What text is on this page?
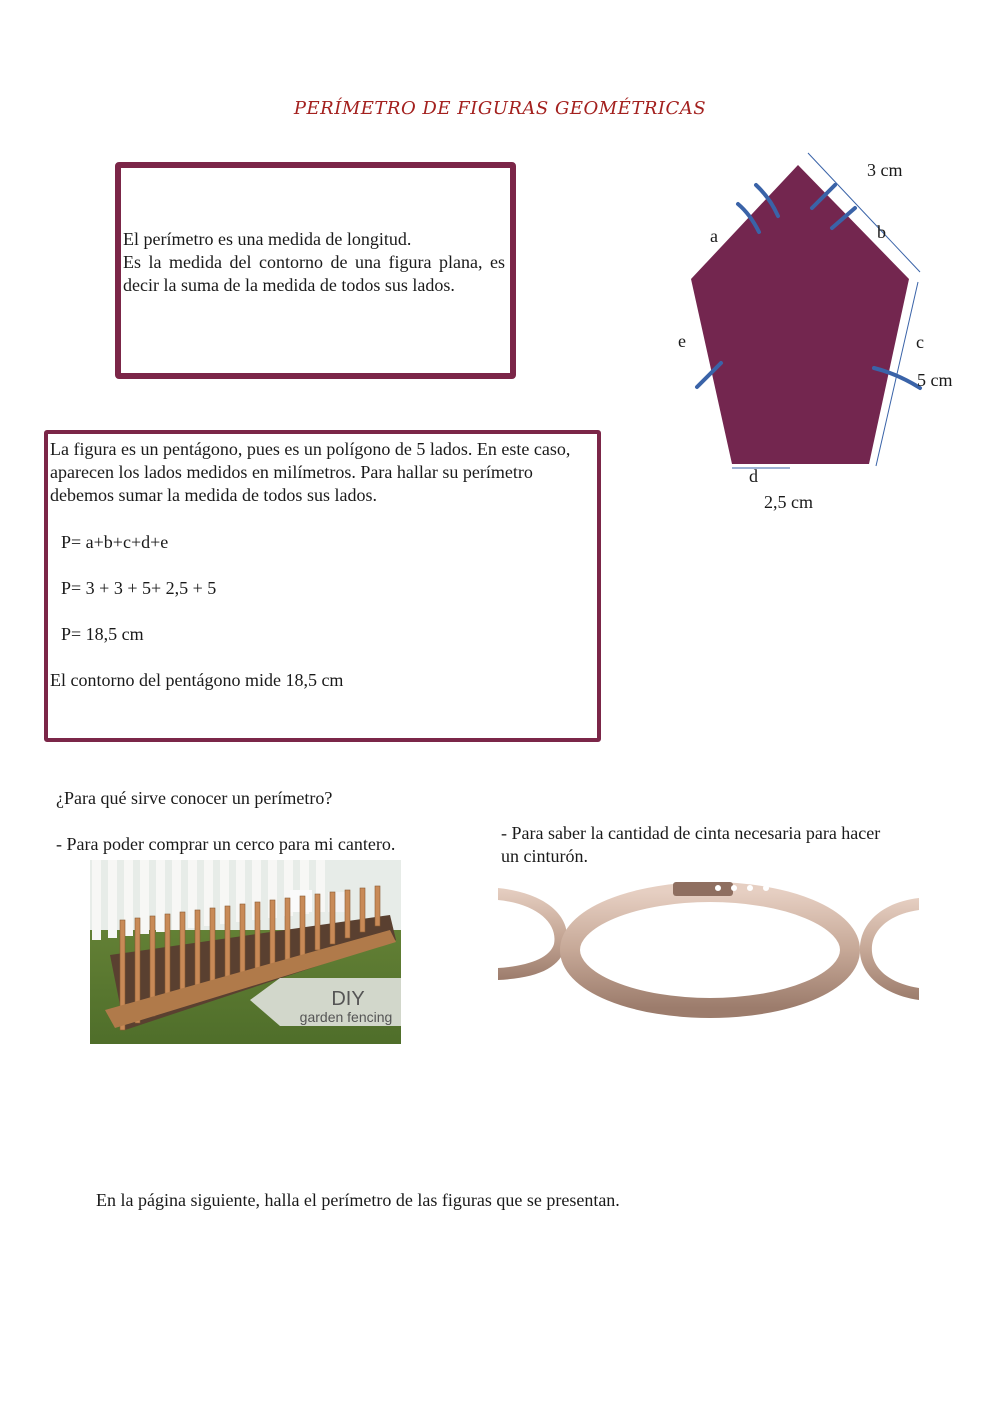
PERÍMETRO DE FIGURAS GEOMÉTRICAS
El perímetro es una medida de longitud.
Es la medida del contorno de una figura plana, es decir la suma de la medida de todos sus lados.
3 cm
a	b
e	c
5 cm
d
2,5 cm

La figura es un pentágono, pues es un polígono de 5 lados. En este caso, aparecen los lados medidos en milímetros. Para hallar su perímetro debemos sumar la medida de todos sus lados.

P= a+b+c+d+e

P= 3 + 3 + 5+ 2,5 + 5

P= 18,5 cm

El contorno del pentágono mide 18,5 cm

¿Para qué sirve conocer un perímetro?

- Para poder comprar un cerco para mi cantero.

- Para saber la cantidad de cinta necesaria para hacer un cinturón.

DIY
garden fencing

En la página siguiente, halla el perímetro de las figuras que se presentan.
